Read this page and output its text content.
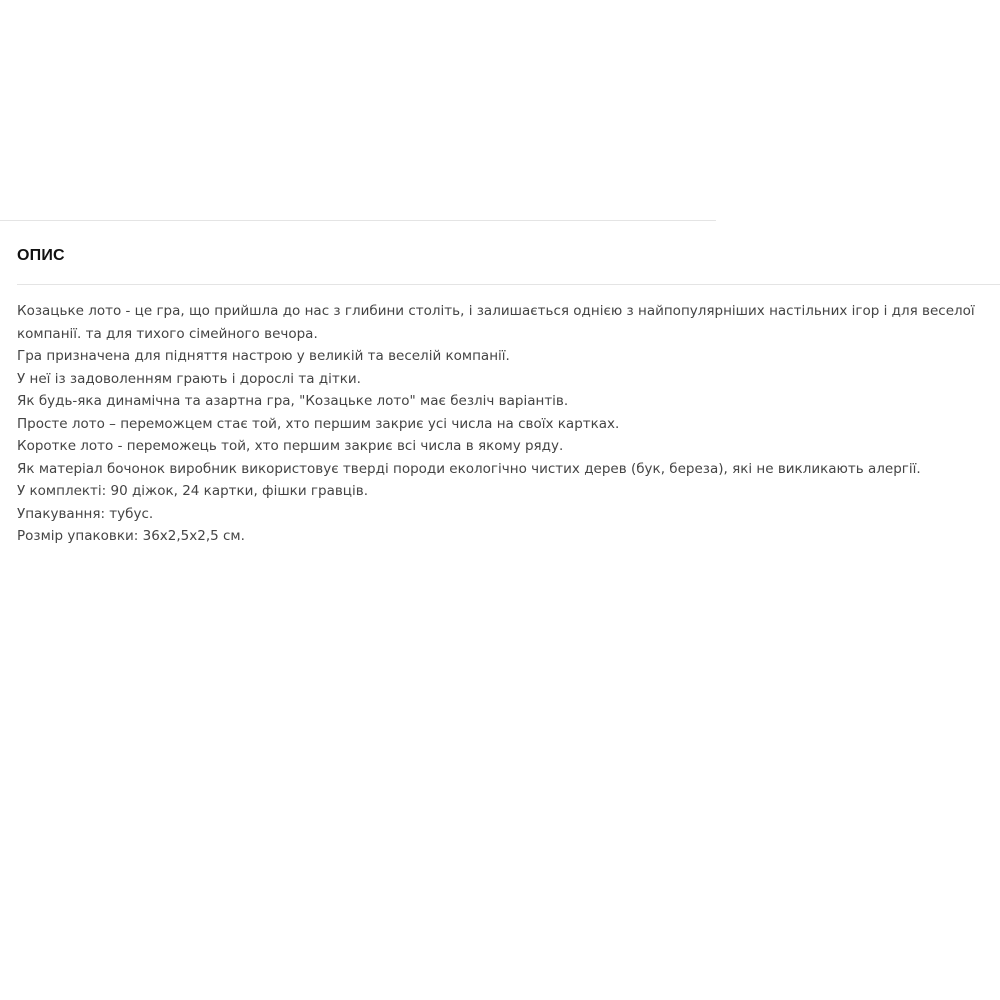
ОПИС
Козацьке лото - це гра, що прийшла до нас з глибини століть, і залишається однією з найпопулярніших настільних ігор і для веселої компанії. та для тихого сімейного вечора.
Гра призначена для підняття настрою у великій та веселій компанії.
У неї із задоволенням грають і дорослі та дітки.
Як будь-яка динамічна та азартна гра, "Козацьке лото" має безліч варіантів.
Просте лото – переможцем стає той, хто першим закриє усі числа на своїх картках.
Коротке лото - переможець той, хто першим закриє всі числа в якому ряду.
Як матеріал бочонок виробник використовує тверді породи екологічно чистих дерев (бук, береза), які не викликають алергії.
У комплекті: 90 діжок, 24 картки, фішки гравців.
Упакування: тубус.
Розмір упаковки: 36х2,5х2,5 см.
